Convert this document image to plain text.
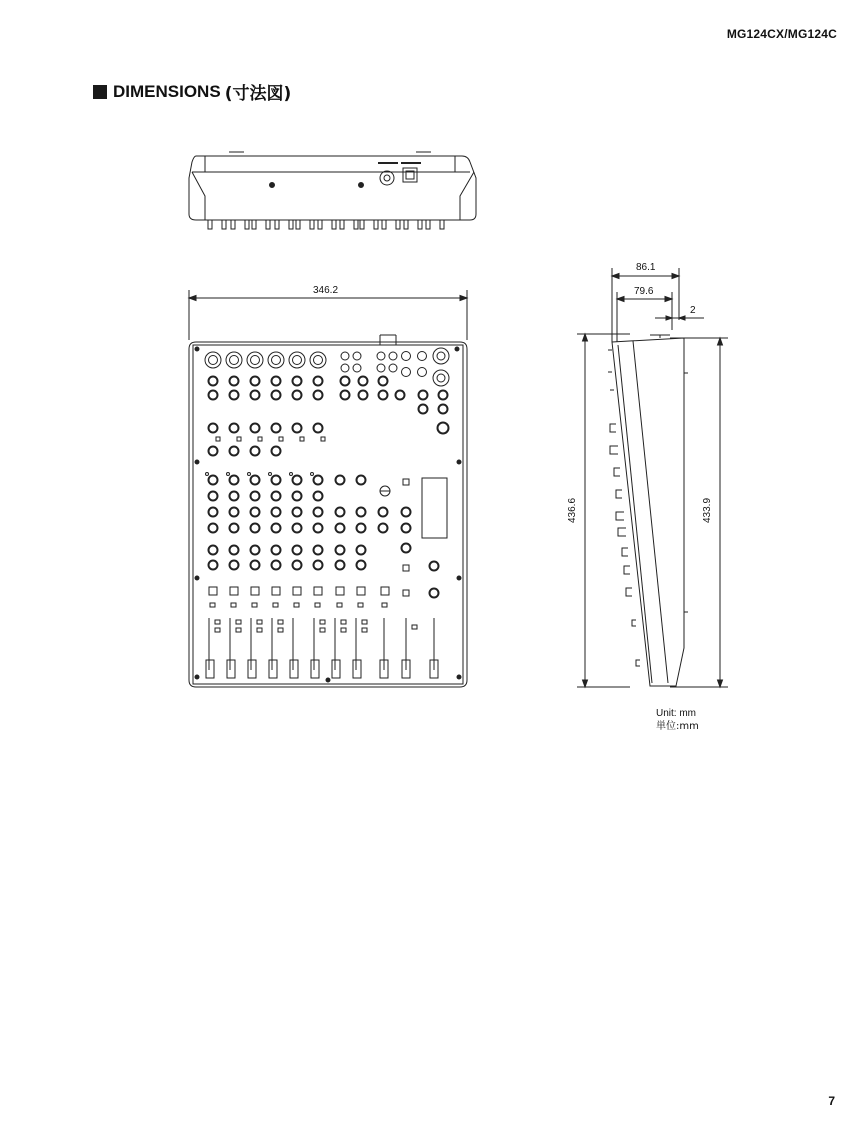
MG124CX/MG124C
DIMENSIONS (寸法図)
346.2
86.1
79.6
2
436.6	433.9
Unit: mm
単位:mm
7
